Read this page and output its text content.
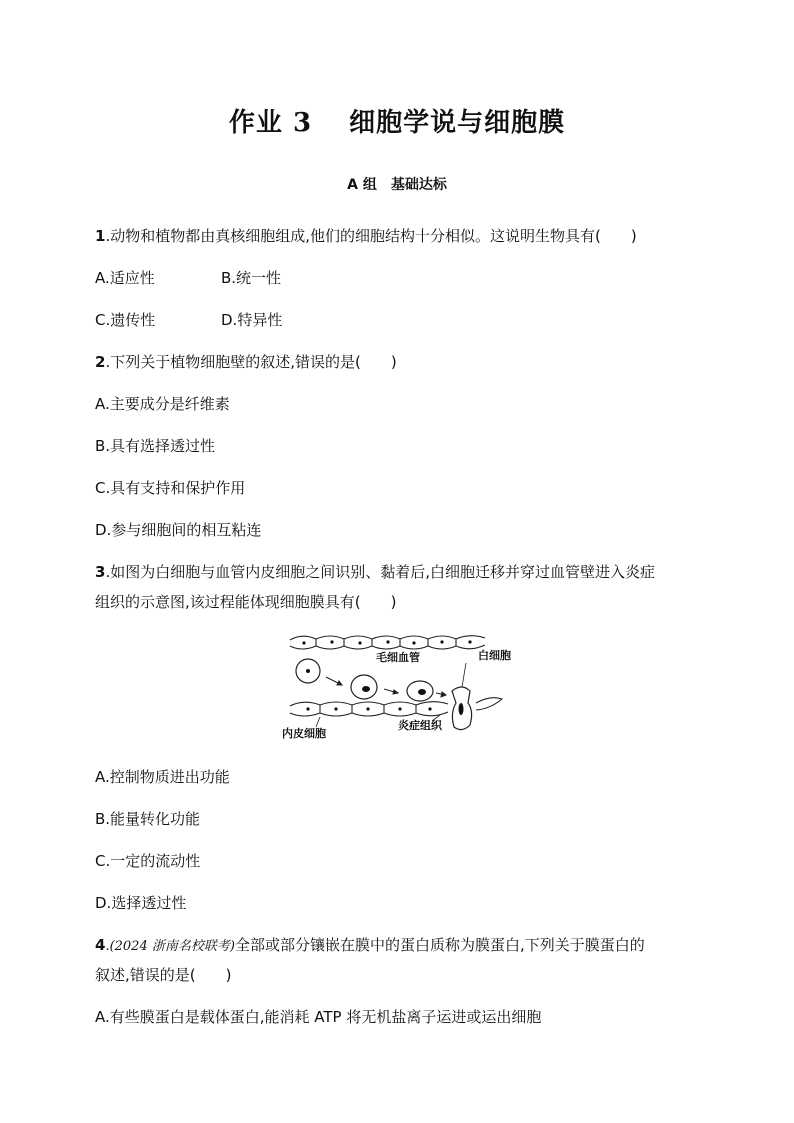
作业 3　 细胞学说与细胞膜
A 组　基础达标
1.动物和植物都由真核细胞组成,他们的细胞结构十分相似。这说明生物具有(　　)
A.适应性	B.统一性
C.遗传性	D.特异性
2.下列关于植物细胞壁的叙述,错误的是(　　)
A.主要成分是纤维素
B.具有选择透过性
C.具有支持和保护作用
D.参与细胞间的相互粘连
3.如图为白细胞与血管内皮细胞之间识别、黏着后,白细胞迁移并穿过血管壁进入炎症
组织的示意图,该过程能体现细胞膜具有(　　)
毛细血管	白细胞
内皮细胞
炎症组织
A.控制物质进出功能
B.能量转化功能
C.一定的流动性
D.选择透过性
4.(2024 浙南名校联考)全部或部分镶嵌在膜中的蛋白质称为膜蛋白,下列关于膜蛋白的
叙述,错误的是(　　)
A.有些膜蛋白是载体蛋白,能消耗 ATP 将无机盐离子运进或运出细胞
